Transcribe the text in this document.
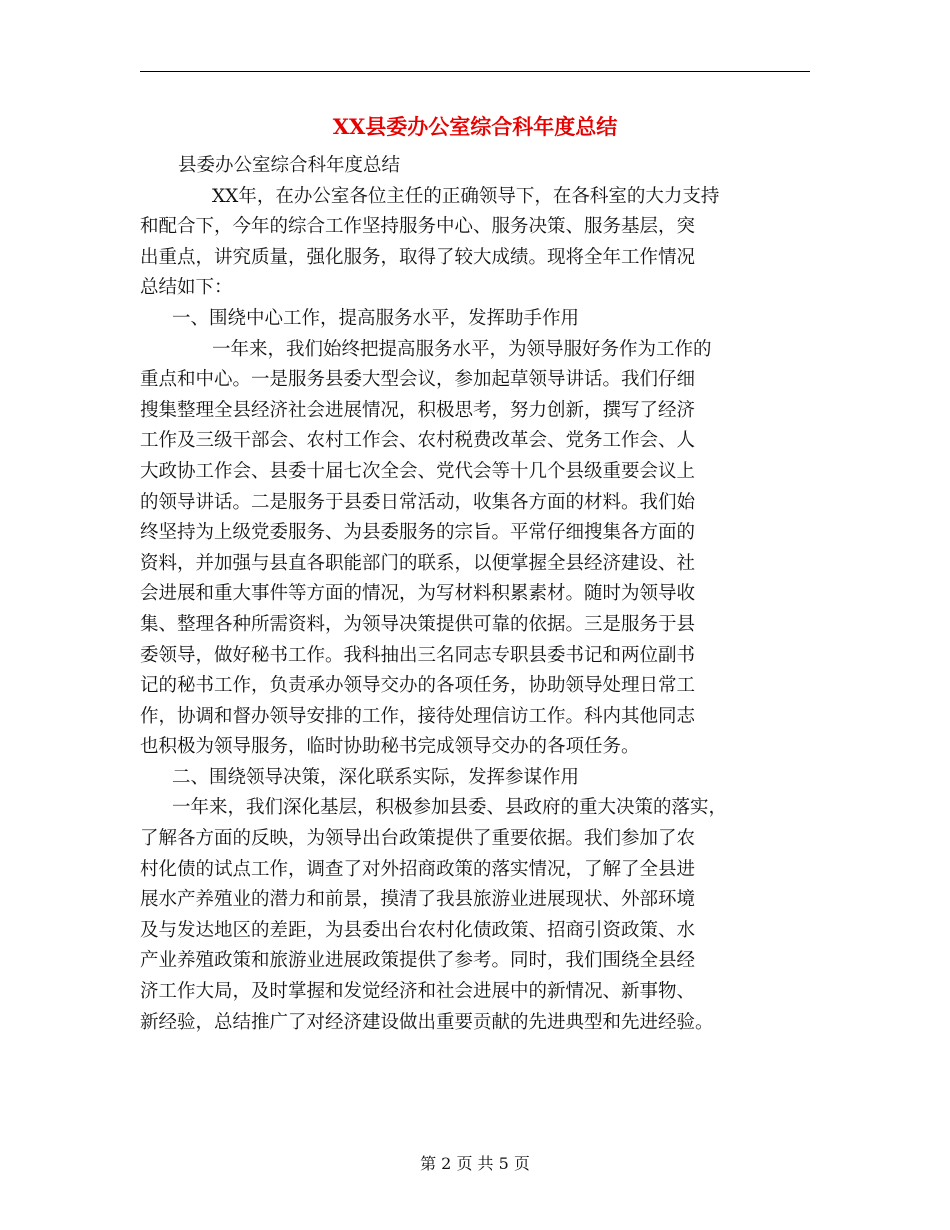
XX县委办公室综合科年度总结
县委办公室综合科年度总结
XX年，在办公室各位主任的正确领导下，在各科室的大力支持
和配合下，今年的综合工作坚持服务中心、服务决策、服务基层，突
出重点，讲究质量，强化服务，取得了较大成绩。现将全年工作情况
总结如下：
一、围绕中心工作，提高服务水平，发挥助手作用
一年来，我们始终把提高服务水平，为领导服好务作为工作的
重点和中心。一是服务县委大型会议，参加起草领导讲话。我们仔细
搜集整理全县经济社会进展情况，积极思考，努力创新，撰写了经济
工作及三级干部会、农村工作会、农村税费改革会、党务工作会、人
大政协工作会、县委十届七次全会、党代会等十几个县级重要会议上
的领导讲话。二是服务于县委日常活动，收集各方面的材料。我们始
终坚持为上级党委服务、为县委服务的宗旨。平常仔细搜集各方面的
资料，并加强与县直各职能部门的联系，以便掌握全县经济建设、社
会进展和重大事件等方面的情况，为写材料积累素材。随时为领导收
集、整理各种所需资料，为领导决策提供可靠的依据。三是服务于县
委领导，做好秘书工作。我科抽出三名同志专职县委书记和两位副书
记的秘书工作，负责承办领导交办的各项任务，协助领导处理日常工
作，协调和督办领导安排的工作，接待处理信访工作。科内其他同志
也积极为领导服务，临时协助秘书完成领导交办的各项任务。
二、围绕领导决策，深化联系实际，发挥参谋作用
一年来，我们深化基层，积极参加县委、县政府的重大决策的落实，
了解各方面的反映，为领导出台政策提供了重要依据。我们参加了农
村化债的试点工作，调查了对外招商政策的落实情况，了解了全县进
展水产养殖业的潜力和前景，摸清了我县旅游业进展现状、外部环境
及与发达地区的差距，为县委出台农村化债政策、招商引资政策、水
产业养殖政策和旅游业进展政策提供了参考。同时，我们围绕全县经
济工作大局，及时掌握和发觉经济和社会进展中的新情况、新事物、
新经验，总结推广了对经济建设做出重要贡献的先进典型和先进经验。
第 2 页 共 5 页
